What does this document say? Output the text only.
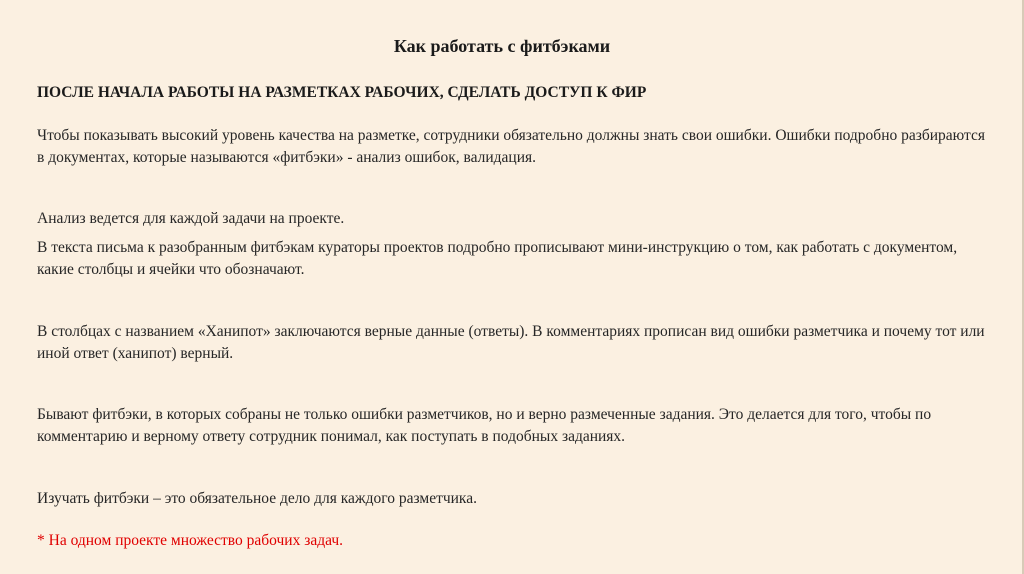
Как работать с фитбэками
ПОСЛЕ НАЧАЛА РАБОТЫ НА РАЗМЕТКАХ РАБОЧИХ, СДЕЛАТЬ ДОСТУП К ФИР
Чтобы показывать высокий уровень качества на разметке, сотрудники обязательно должны знать свои ошибки. Ошибки подробно разбираются в документах, которые называются «фитбэки» - анализ ошибок, валидация.
Анализ ведется для каждой задачи на проекте.
В текста письма к разобранным фитбэкам кураторы проектов подробно прописывают мини-инструкцию о том, как работать с документом, какие столбцы и ячейки что обозначают.
В столбцах с названием «Ханипот» заключаются верные данные (ответы). В комментариях прописан вид ошибки разметчика и почему тот или иной ответ (ханипот) верный.
Бывают фитбэки, в которых собраны не только ошибки разметчиков, но и верно размеченные задания. Это делается для того, чтобы по комментарию и верному ответу сотрудник понимал, как поступать в подобных заданиях.
Изучать фитбэки – это обязательное дело для каждого разметчика.
* На одном проекте множество рабочих задач.
